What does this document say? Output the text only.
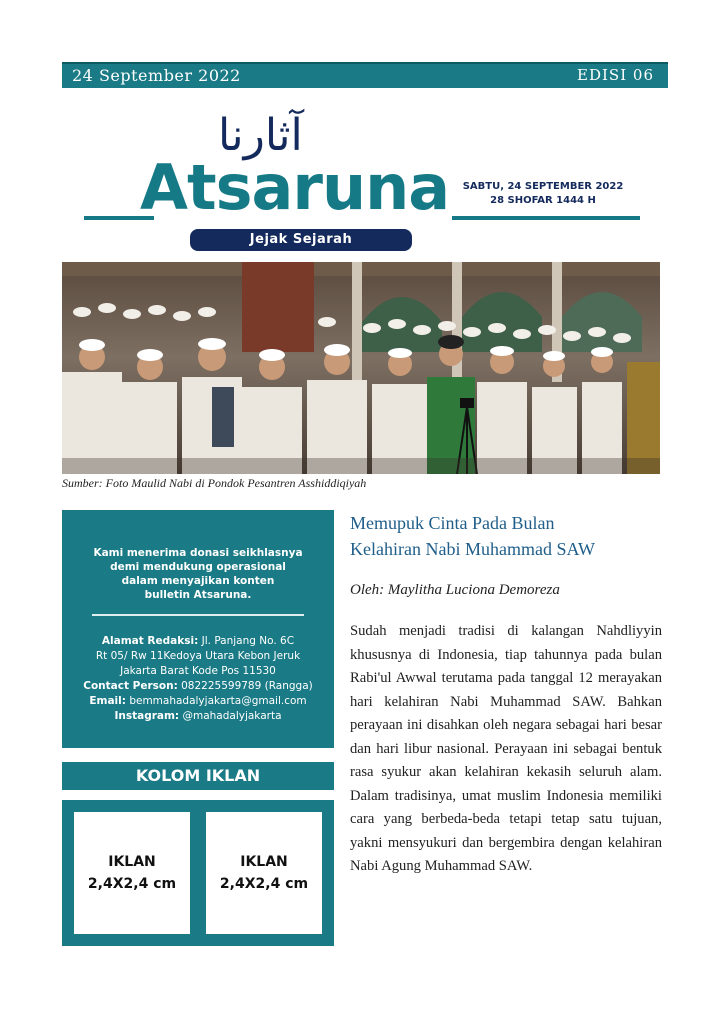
24 September 2022	EDISI 06
آثارنا
Atsaruna	SABTU, 24 SEPTEMBER 2022
28 SHOFAR 1444 H
Jejak Sejarah
Sumber: Foto Maulid Nabi di Pondok Pesantren Asshiddiqiyah
Kami menerima donasi seikhlasnya
demi mendukung operasional
dalam menyajikan konten
bulletin Atsaruna.
Alamat Redaksi: Jl. Panjang No. 6C
Rt 05/ Rw 11Kedoya Utara Kebon Jeruk
Jakarta Barat Kode Pos 11530
Contact Person: 082225599789 (Rangga)
Email: bemmahadalyjakarta@gmail.com
Instagram: @mahadalyjakarta
KOLOM IKLAN
IKLAN
2,4X2,4 cm
IKLAN
2,4X2,4 cm
Memupuk Cinta Pada Bulan
Kelahiran Nabi Muhammad SAW
Oleh: Maylitha Luciona Demoreza
Sudah menjadi tradisi di kalangan Nahdliyyin khususnya di Indonesia, tiap tahunnya pada bulan Rabi'ul Awwal terutama pada tanggal 12 merayakan hari kelahiran Nabi Muhammad SAW. Bahkan perayaan ini disahkan oleh negara sebagai hari besar dan hari libur nasional. Perayaan ini sebagai bentuk rasa syukur akan kelahiran kekasih seluruh alam. Dalam tradisinya, umat muslim Indonesia memiliki cara yang berbeda-beda tetapi tetap satu tujuan, yakni mensyukuri dan bergembira dengan kelahiran Nabi Agung Muhammad SAW.
